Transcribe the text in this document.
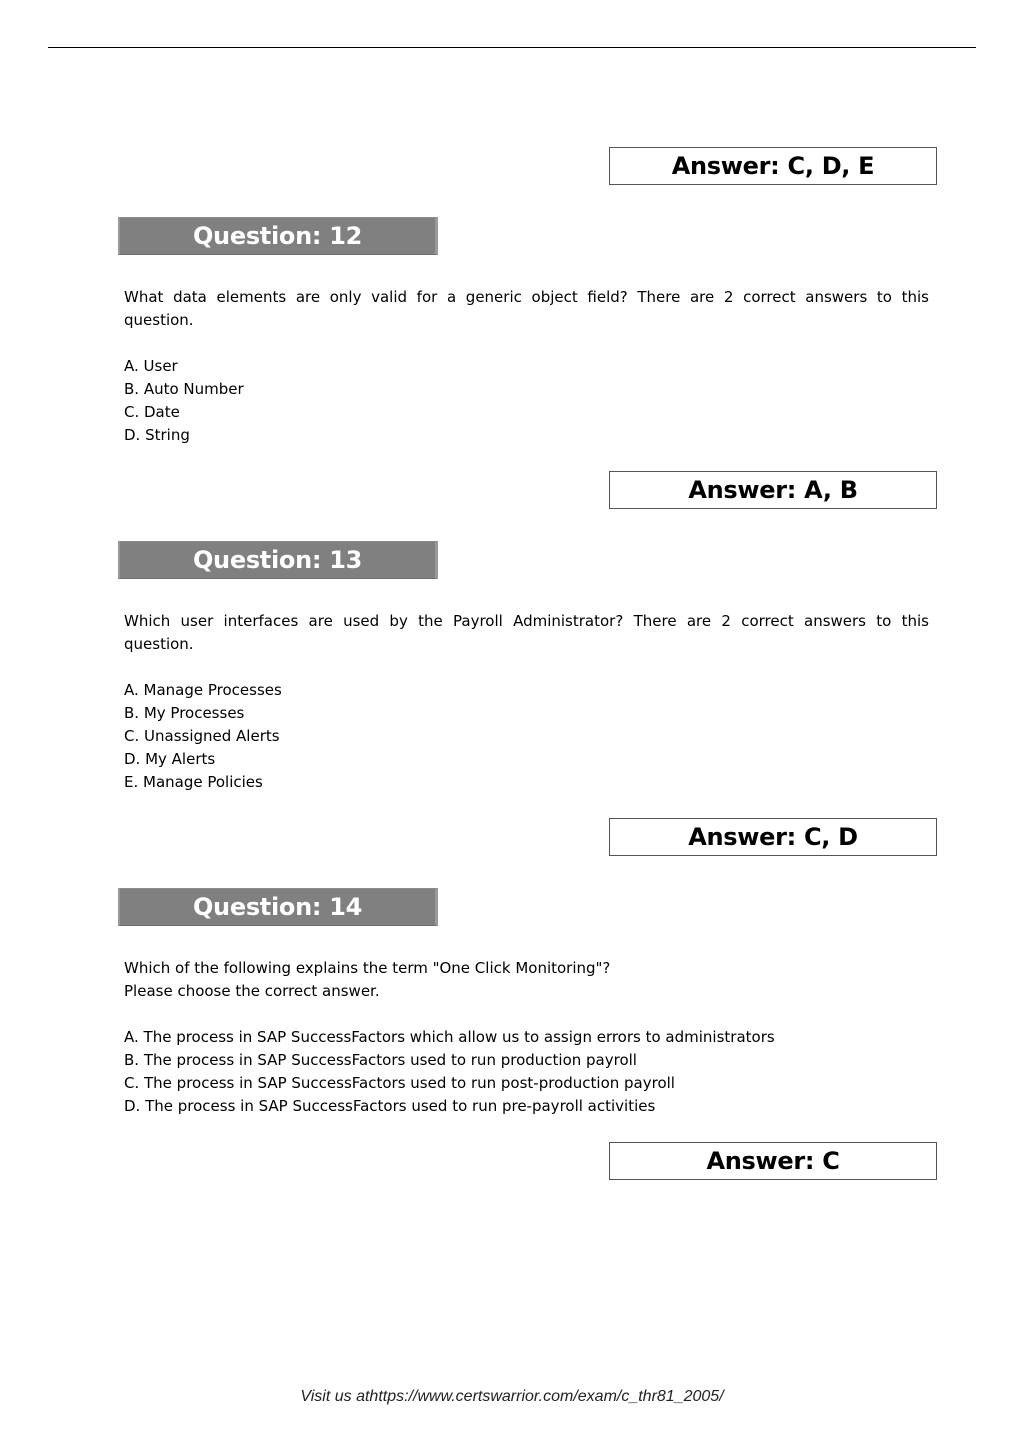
Answer: C, D, E
Question: 12
What data elements are only valid for a generic object field? There are 2 correct answers to this
question.
A. User
B. Auto Number
C. Date
D. String
Answer: A, B
Question: 13
Which user interfaces are used by the Payroll Administrator? There are 2 correct answers to this
question.
A. Manage Processes
B. My Processes
C. Unassigned Alerts
D. My Alerts
E. Manage Policies
Answer: C, D
Question: 14
Which of the following explains the term "One Click Monitoring"?
Please choose the correct answer.
A. The process in SAP SuccessFactors which allow us to assign errors to administrators
B. The process in SAP SuccessFactors used to run production payroll
C. The process in SAP SuccessFactors used to run post-production payroll
D. The process in SAP SuccessFactors used to run pre-payroll activities
Answer: C
Visit us athttps://www.certswarrior.com/exam/c_thr81_2005/
